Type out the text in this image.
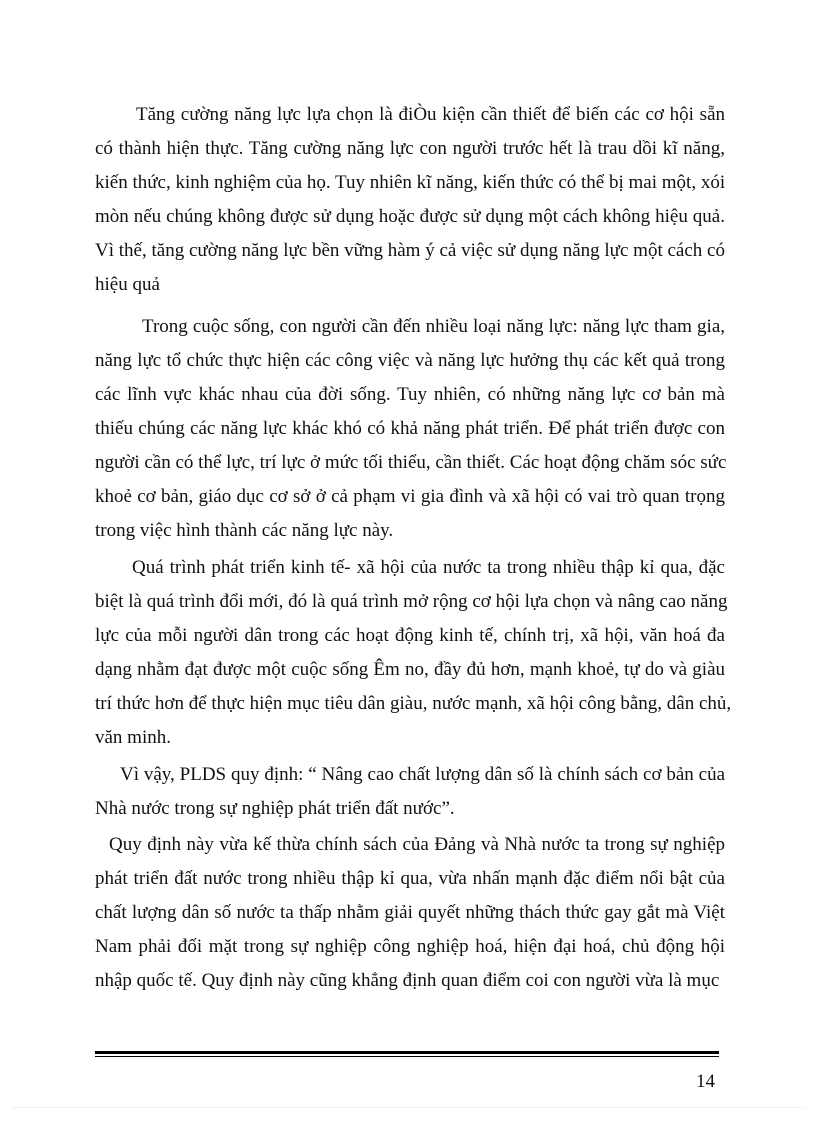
Tăng cường năng lực lựa chọn là điÒu kiện cần thiết để biến các cơ hội sẵn
có thành hiện thực. Tăng cường năng lực con người trước hết là trau dồi kĩ năng,
kiến thức, kinh nghiệm của họ. Tuy nhiên kĩ năng, kiến thức có thể bị mai một, xói
mòn nếu chúng không được sử dụng hoặc được sử dụng một cách không hiệu quả.
Vì thế, tăng cường năng lực bền vững hàm ý cả việc sử dụng năng lực một cách có
hiệu quả
Trong cuộc sống, con người cần đến nhiều loại năng lực: năng lực tham gia,
năng lực tổ chức thực hiện các công việc và năng lực hưởng thụ các kết quả trong
các lĩnh vực khác nhau của đời sống. Tuy nhiên, có những năng lực cơ bản mà
thiếu chúng các năng lực khác khó có khả năng phát triển. Để phát triển được con
người cần có thể lực, trí lực ở mức tối thiểu, cần thiết. Các hoạt động chăm sóc sức
khoẻ cơ bản, giáo dục cơ sở ở cả phạm vi gia đình và xã hội có vai trò quan trọng
trong việc hình thành các năng lực này.
Quá trình phát triển kinh tế- xã hội của nước ta trong nhiều thập kỉ qua, đặc
biệt là quá trình đổi mới, đó là quá trình mở rộng cơ hội lựa chọn và nâng cao năng
lực của mỗi người dân trong các hoạt động kinh tế, chính trị, xã hội, văn hoá đa
dạng nhằm đạt được một cuộc sống Êm no, đầy đủ hơn, mạnh khoẻ, tự do và giàu
trí thức hơn để thực hiện mục tiêu dân giàu, nước mạnh, xã hội công bằng, dân chủ,
văn minh.
Vì vậy, PLDS quy định: “ Nâng cao chất lượng dân số là chính sách cơ bản của
Nhà nước trong sự nghiệp phát triển đất nước”.
Quy định này vừa kế thừa chính sách của Đảng và Nhà nước ta trong sự nghiệp
phát triển đất nước trong nhiều thập kỉ qua, vừa nhấn mạnh đặc điểm nổi bật của
chất lượng dân số nước ta thấp nhằm giải quyết những thách thức gay gắt mà Việt
Nam phải đối mặt trong sự nghiệp công nghiệp hoá, hiện đại hoá, chủ động hội
nhập quốc tế. Quy định này cũng khẳng định quan điểm coi con người vừa là mục
14
